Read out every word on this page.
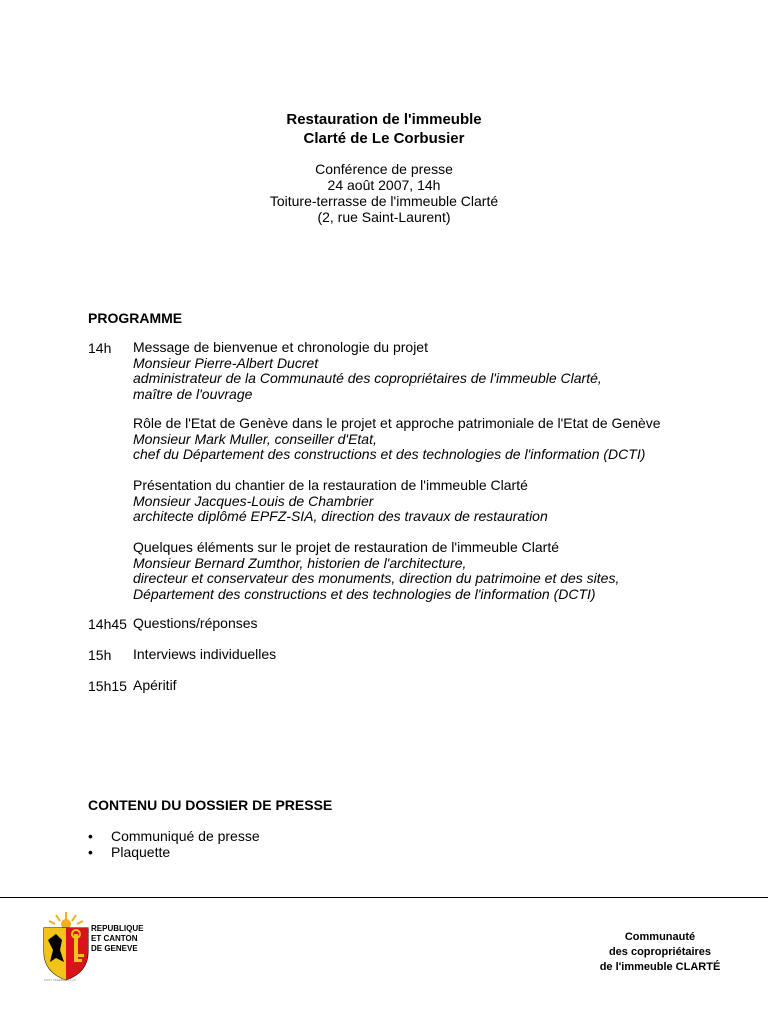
Restauration de l'immeuble
Clarté de Le Corbusier
Conférence de presse
24 août 2007, 14h
Toiture-terrasse de l'immeuble Clarté
(2, rue Saint-Laurent)
PROGRAMME
14h	Message de bienvenue et chronologie du projet
Monsieur Pierre-Albert Ducret
administrateur de la Communauté des copropriétaires de l'immeuble Clarté,
maître de l'ouvrage
Rôle de l'Etat de Genève dans le projet et approche patrimoniale de l'Etat de Genève
Monsieur Mark Muller, conseiller d'Etat,
chef du Département des constructions et des technologies de l'information (DCTI)
Présentation du chantier de la restauration de l'immeuble Clarté
Monsieur Jacques-Louis de Chambrier
architecte diplômé EPFZ-SIA, direction des travaux de restauration
Quelques éléments sur le projet de restauration de l'immeuble Clarté
Monsieur Bernard Zumthor, historien de l'architecture,
directeur et conservateur des monuments, direction du patrimoine et des sites,
Département des constructions et des technologies de l'information (DCTI)
14h45 Questions/réponses
15h	Interviews individuelles
15h15 Apéritif
CONTENU DU DOSSIER DE PRESSE
• Communiqué de presse
• Plaquette
REPUBLIQUE
ET CANTON
DE GENEVE
POST TENEBRAS LUX
Communauté
des copropriétaires
de l'immeuble CLARTÉ
